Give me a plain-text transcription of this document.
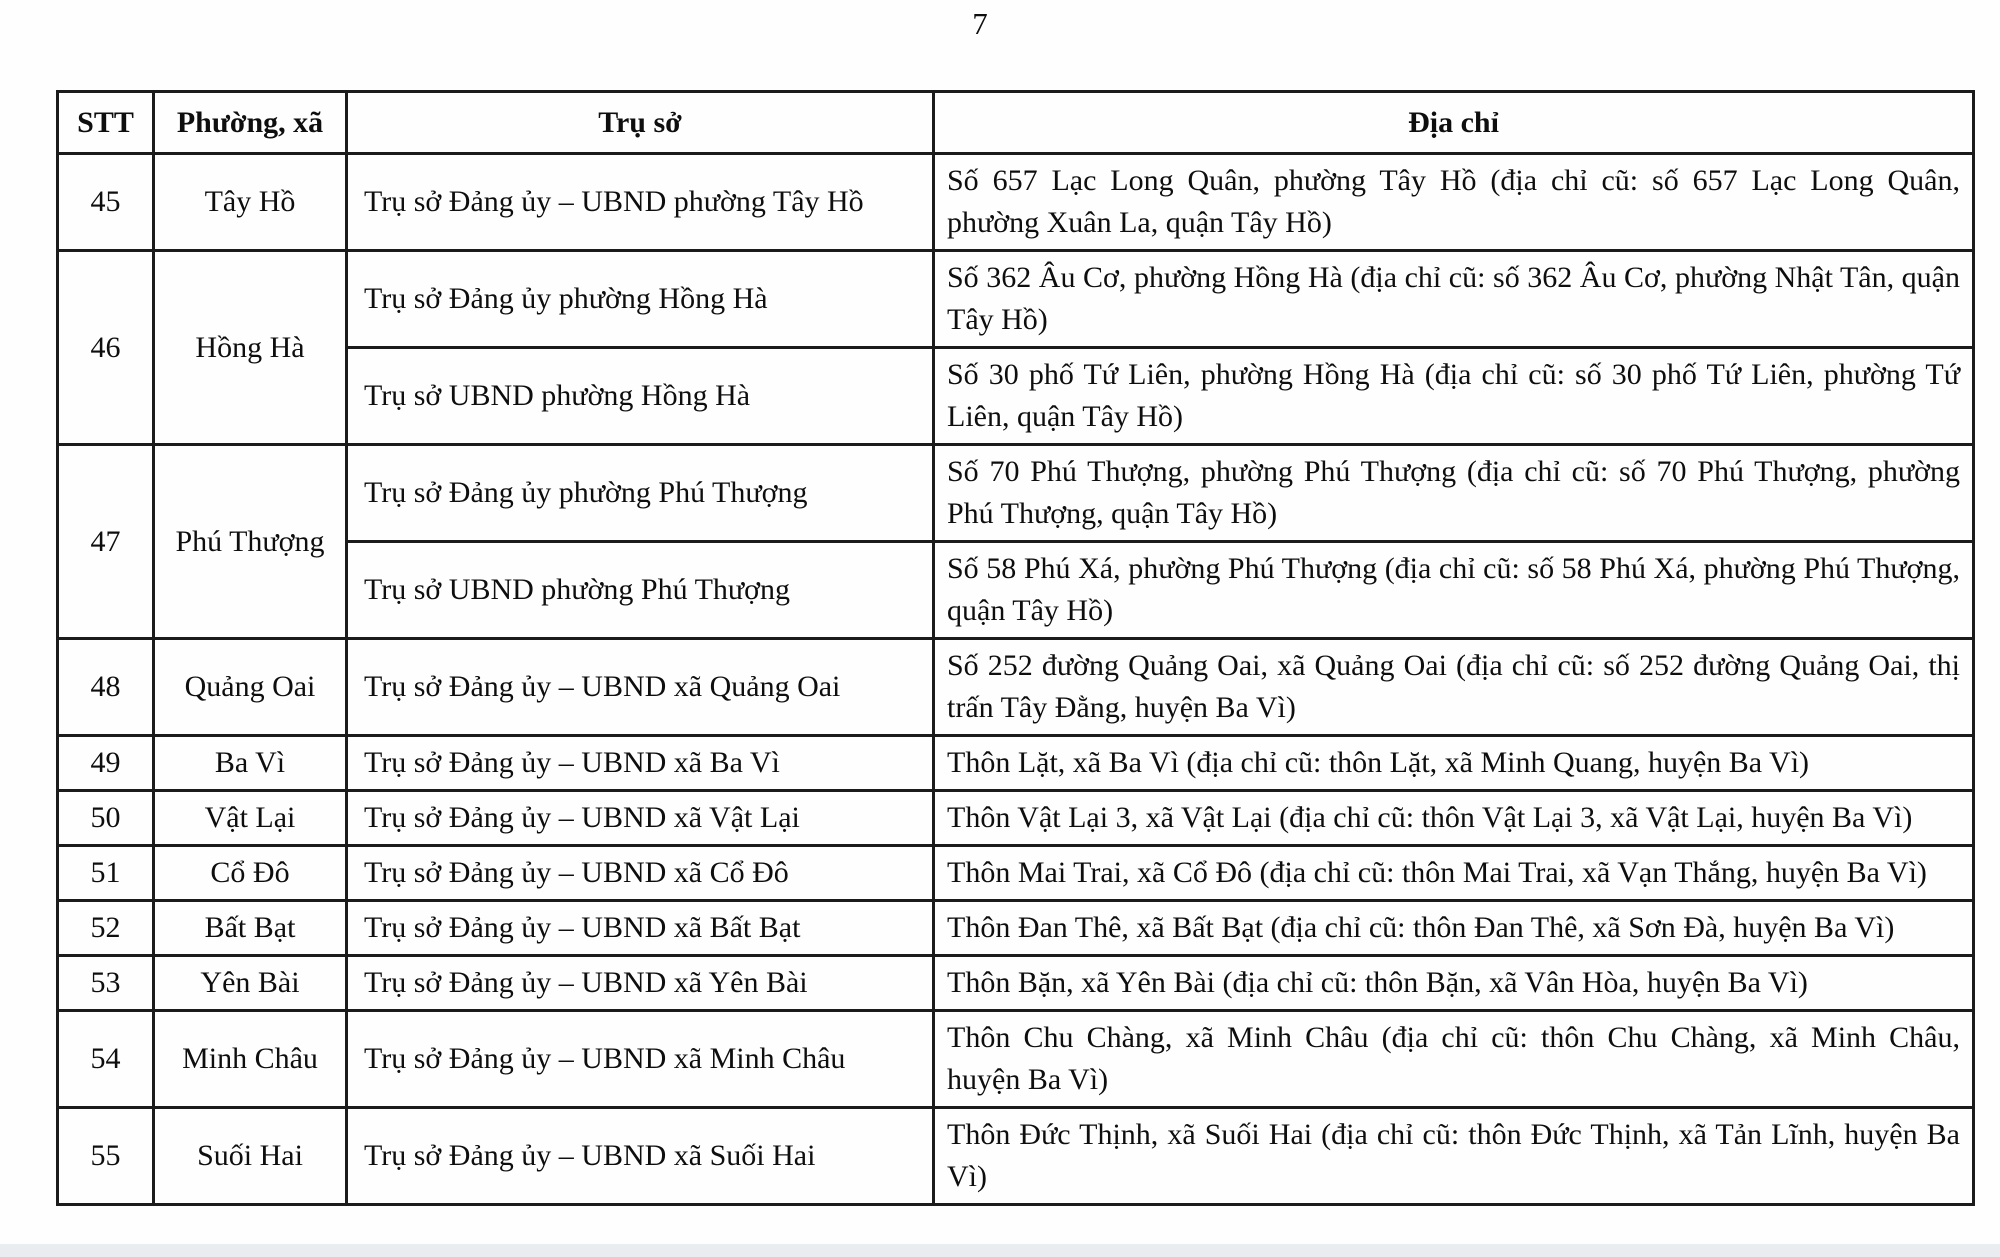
7
STT	Phường, xã	Trụ sở	Địa chỉ
45	Tây Hồ	Trụ sở Đảng ủy – UBND phường Tây Hồ	Số 657 Lạc Long Quân, phường Tây Hồ (địa chỉ cũ: số 657 Lạc Long Quân, phường Xuân La, quận Tây Hồ)
46	Hồng Hà	Trụ sở Đảng ủy phường Hồng Hà	Số 362 Âu Cơ, phường Hồng Hà (địa chỉ cũ: số 362 Âu Cơ, phường Nhật Tân, quận Tây Hồ)
		Trụ sở UBND phường Hồng Hà	Số 30 phố Tứ Liên, phường Hồng Hà (địa chỉ cũ: số 30 phố Tứ Liên, phường Tứ Liên, quận Tây Hồ)
47	Phú Thượng	Trụ sở Đảng ủy phường Phú Thượng	Số 70 Phú Thượng, phường Phú Thượng (địa chỉ cũ: số 70 Phú Thượng, phường Phú Thượng, quận Tây Hồ)
		Trụ sở UBND phường Phú Thượng	Số 58 Phú Xá, phường Phú Thượng (địa chỉ cũ: số 58 Phú Xá, phường Phú Thượng, quận Tây Hồ)
48	Quảng Oai	Trụ sở Đảng ủy – UBND xã Quảng Oai	Số 252 đường Quảng Oai, xã Quảng Oai (địa chỉ cũ: số 252 đường Quảng Oai, thị trấn Tây Đằng, huyện Ba Vì)
49	Ba Vì	Trụ sở Đảng ủy – UBND xã Ba Vì	Thôn Lặt, xã Ba Vì (địa chỉ cũ: thôn Lặt, xã Minh Quang, huyện Ba Vì)
50	Vật Lại	Trụ sở Đảng ủy – UBND xã Vật Lại	Thôn Vật Lại 3, xã Vật Lại (địa chỉ cũ: thôn Vật Lại 3, xã Vật Lại, huyện Ba Vì)
51	Cổ Đô	Trụ sở Đảng ủy – UBND xã Cổ Đô	Thôn Mai Trai, xã Cổ Đô (địa chỉ cũ: thôn Mai Trai, xã Vạn Thắng, huyện Ba Vì)
52	Bất Bạt	Trụ sở Đảng ủy – UBND xã Bất Bạt	Thôn Đan Thê, xã Bất Bạt (địa chỉ cũ: thôn Đan Thê, xã Sơn Đà, huyện Ba Vì)
53	Yên Bài	Trụ sở Đảng ủy – UBND xã Yên Bài	Thôn Bặn, xã Yên Bài (địa chỉ cũ: thôn Bặn, xã Vân Hòa, huyện Ba Vì)
54	Minh Châu	Trụ sở Đảng ủy – UBND xã Minh Châu	Thôn Chu Chàng, xã Minh Châu (địa chỉ cũ: thôn Chu Chàng, xã Minh Châu, huyện Ba Vì)
55	Suối Hai	Trụ sở Đảng ủy – UBND xã Suối Hai	Thôn Đức Thịnh, xã Suối Hai (địa chỉ cũ: thôn Đức Thịnh, xã Tản Lĩnh, huyện Ba Vì)
